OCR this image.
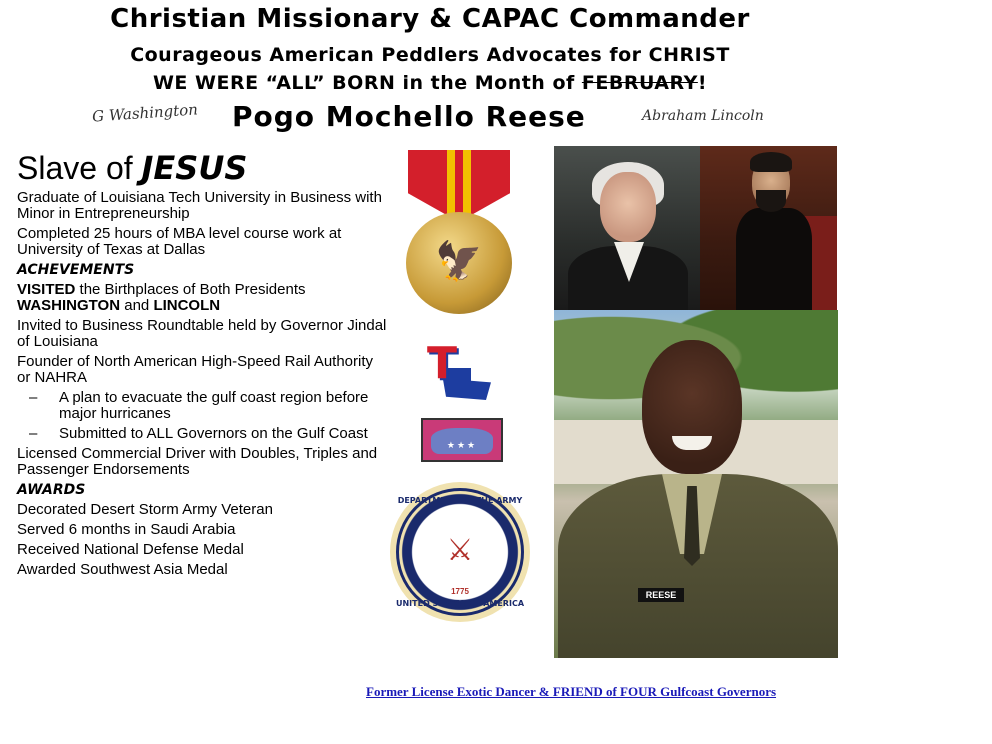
Christian Missionary & CAPAC Commander
Courageous American Peddlers Advocates for CHRIST
WE WERE “ALL” BORN in the Month of FEBRUARY!
G Washington Pogo Mochello Reese	Abraham Lincoln

Slave of JESUS

Graduate of Louisiana Tech University in Business with Minor in Entrepreneurship

Completed 25 hours of MBA level course work at University of Texas at Dallas

ACHEVEMENTS

VISITED the Birthplaces of Both Presidents WASHINGTON and LINCOLN

Invited to Business Roundtable held by Governor Jindal of Louisiana

Founder of North American High-Speed Rail Authority or NAHRA

– A plan to evacuate the gulf coast region before major hurricanes

– Submitted to ALL Governors on the Gulf Coast

Licensed Commercial Driver with Doubles, Triples and Passenger Endorsements

AWARDS

Decorated Desert Storm Army Veteran

Served 6 months in Saudi Arabia

Received National Defense Medal

Awarded Southwest Asia Medal

🦅
T
★★★
DEPARTMENT OF THE ARMY
⚔
1775
UNITED STATES OF AMERICA
REESE
Former License Exotic Dancer & FRIEND of FOUR Gulfcoast Governors
